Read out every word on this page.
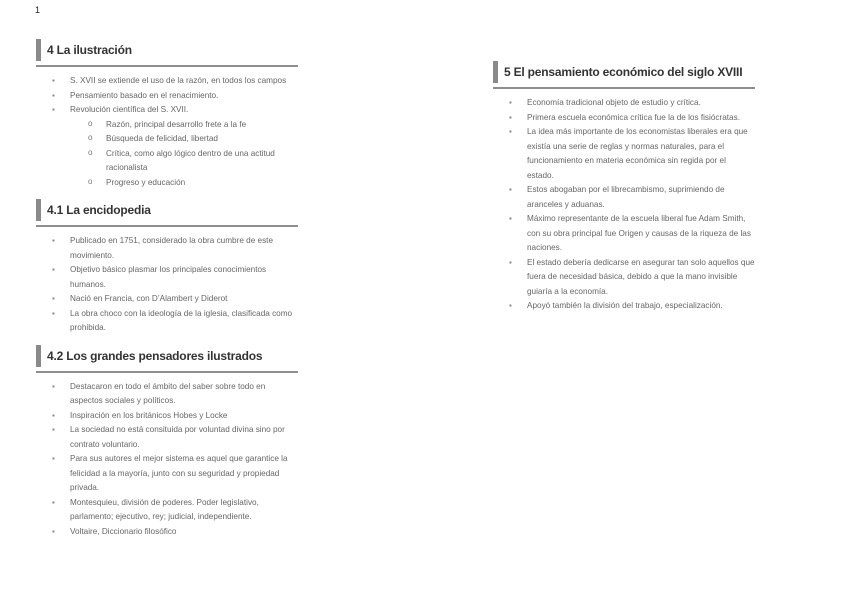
1
4 La ilustración
▪ S. XVII se extiende el uso de la razón, en todos los campos
▪ Pensamiento basado en el renacimiento.
▪ Revolución científica del S. XVII.
o Razón, principal desarrollo frete a la fe
o Búsqueda de felicidad, libertad
o Crítica, como algo lógico dentro de una actitud racionalista
o Progreso y educación
4.1 La encidopedia
▪ Publicado en 1751, considerado la obra cumbre de este movimiento.
▪ Objetivo básico plasmar los principales conocimientos humanos.
▪ Nació en Francia, con D’Alambert y Diderot
▪ La obra choco con la ideología de la iglesia, clasificada como prohibida.
4.2 Los grandes pensadores ilustrados
▪ Destacaron en todo el ámbito del saber sobre todo en aspectos sociales y políticos.
▪ Inspiración en los británicos Hobes y Locke
▪ La sociedad no está consituida por voluntad divina sino por contrato voluntario.
▪ Para sus autores el mejor sistema es aquel que garantice la felicidad a la mayoría, junto con su seguridad y propiedad privada.
▪ Montesquieu, división de poderes. Poder legislativo, parlamento; ejecutivo, rey; judicial, independiente.
▪ Voltaire, Diccionario filosófico
5 El pensamiento económico del siglo XVIII
▪ Economía tradicional objeto de estudio y crítica.
▪ Primera escuela económica crítica fue la de los fisiócratas.
▪ La idea más importante de los economistas liberales era que existía una serie de reglas y normas naturales, para el funcionamiento en materia económica sin regida por el estado.
▪ Estos abogaban por el librecambismo, suprimiendo de aranceles y aduanas.
▪ Máximo representante de la escuela liberal fue Adam Smith, con su obra principal fue Origen y causas de la riqueza de las naciones.
▪ El estado debería dedicarse en asegurar tan solo aquellos que fuera de necesidad básica, debido a que la mano invisible guiaría a la economía.
▪ Apoyó también la división del trabajo, especialización.
